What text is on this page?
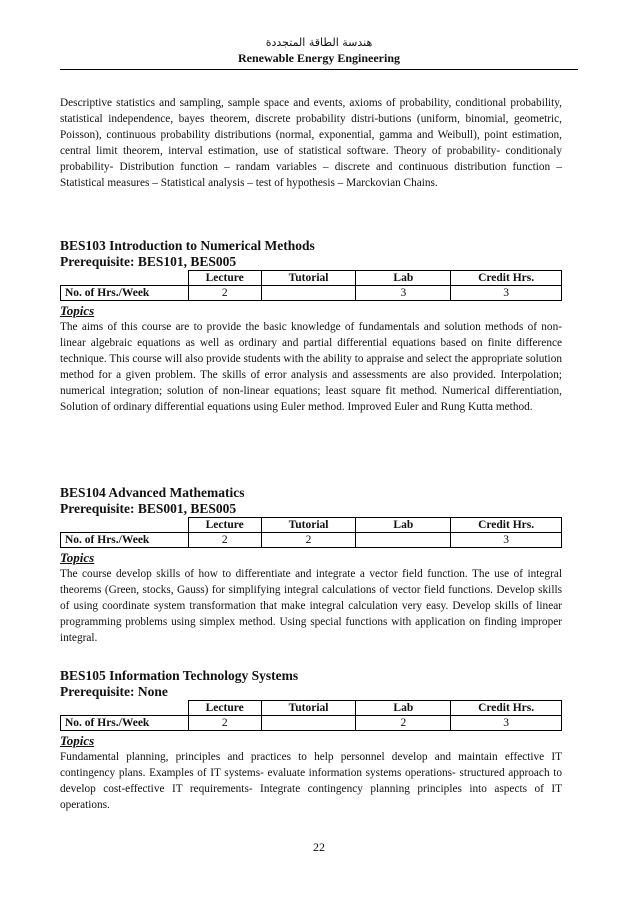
هندسة الطاقة المتجددة
Renewable Energy Engineering

Descriptive statistics and sampling, sample space and events, axioms of probability, conditional probability, statistical independence, bayes theorem, discrete probability distri-butions (uniform, binomial, geometric, Poisson), continuous probability distributions (normal, exponential, gamma and Weibull), point estimation, central limit theorem, interval estimation, use of statistical software. Theory of probability- conditionaly probability- Distribution function – randam variables – discrete and continuous distribution function – Statistical measures – Statistical analysis – test of hypothesis – Marckovian Chains.

BES103 Introduction to Numerical Methods
Prerequisite: BES101, BES005
	Lecture	Tutorial	Lab	Credit Hrs.
No. of Hrs./Week	2		3	3
Topics

The aims of this course are to provide the basic knowledge of fundamentals and solution methods of non-linear algebraic equations as well as ordinary and partial differential equations based on finite difference technique. This course will also provide students with the ability to appraise and select the appropriate solution method for a given problem. The skills of error analysis and assessments are also provided. Interpolation; numerical integration; solution of non-linear equations; least square fit method. Numerical differentiation, Solution of ordinary differential equations using Euler method. Improved Euler and Rung Kutta method.

BES104 Advanced Mathematics
Prerequisite: BES001, BES005
	Lecture	Tutorial	Lab	Credit Hrs.
No. of Hrs./Week	2	2		3
Topics

The course develop skills of how to differentiate and integrate a vector field function. The use of integral theorems (Green, stocks, Gauss) for simplifying integral calculations of vector field functions. Develop skills of using coordinate system transformation that make integral calculation very easy. Develop skills of linear programming problems using simplex method. Using special functions with application on finding improper integral.

BES105 Information Technology Systems
Prerequisite: None
	Lecture	Tutorial	Lab	Credit Hrs.
No. of Hrs./Week	2		2	3
Topics

Fundamental planning, principles and practices to help personnel develop and maintain effective IT contingency plans. Examples of IT systems- evaluate information systems operations- structured approach to develop cost-effective IT requirements- Integrate contingency planning principles into aspects of IT operations.

22
